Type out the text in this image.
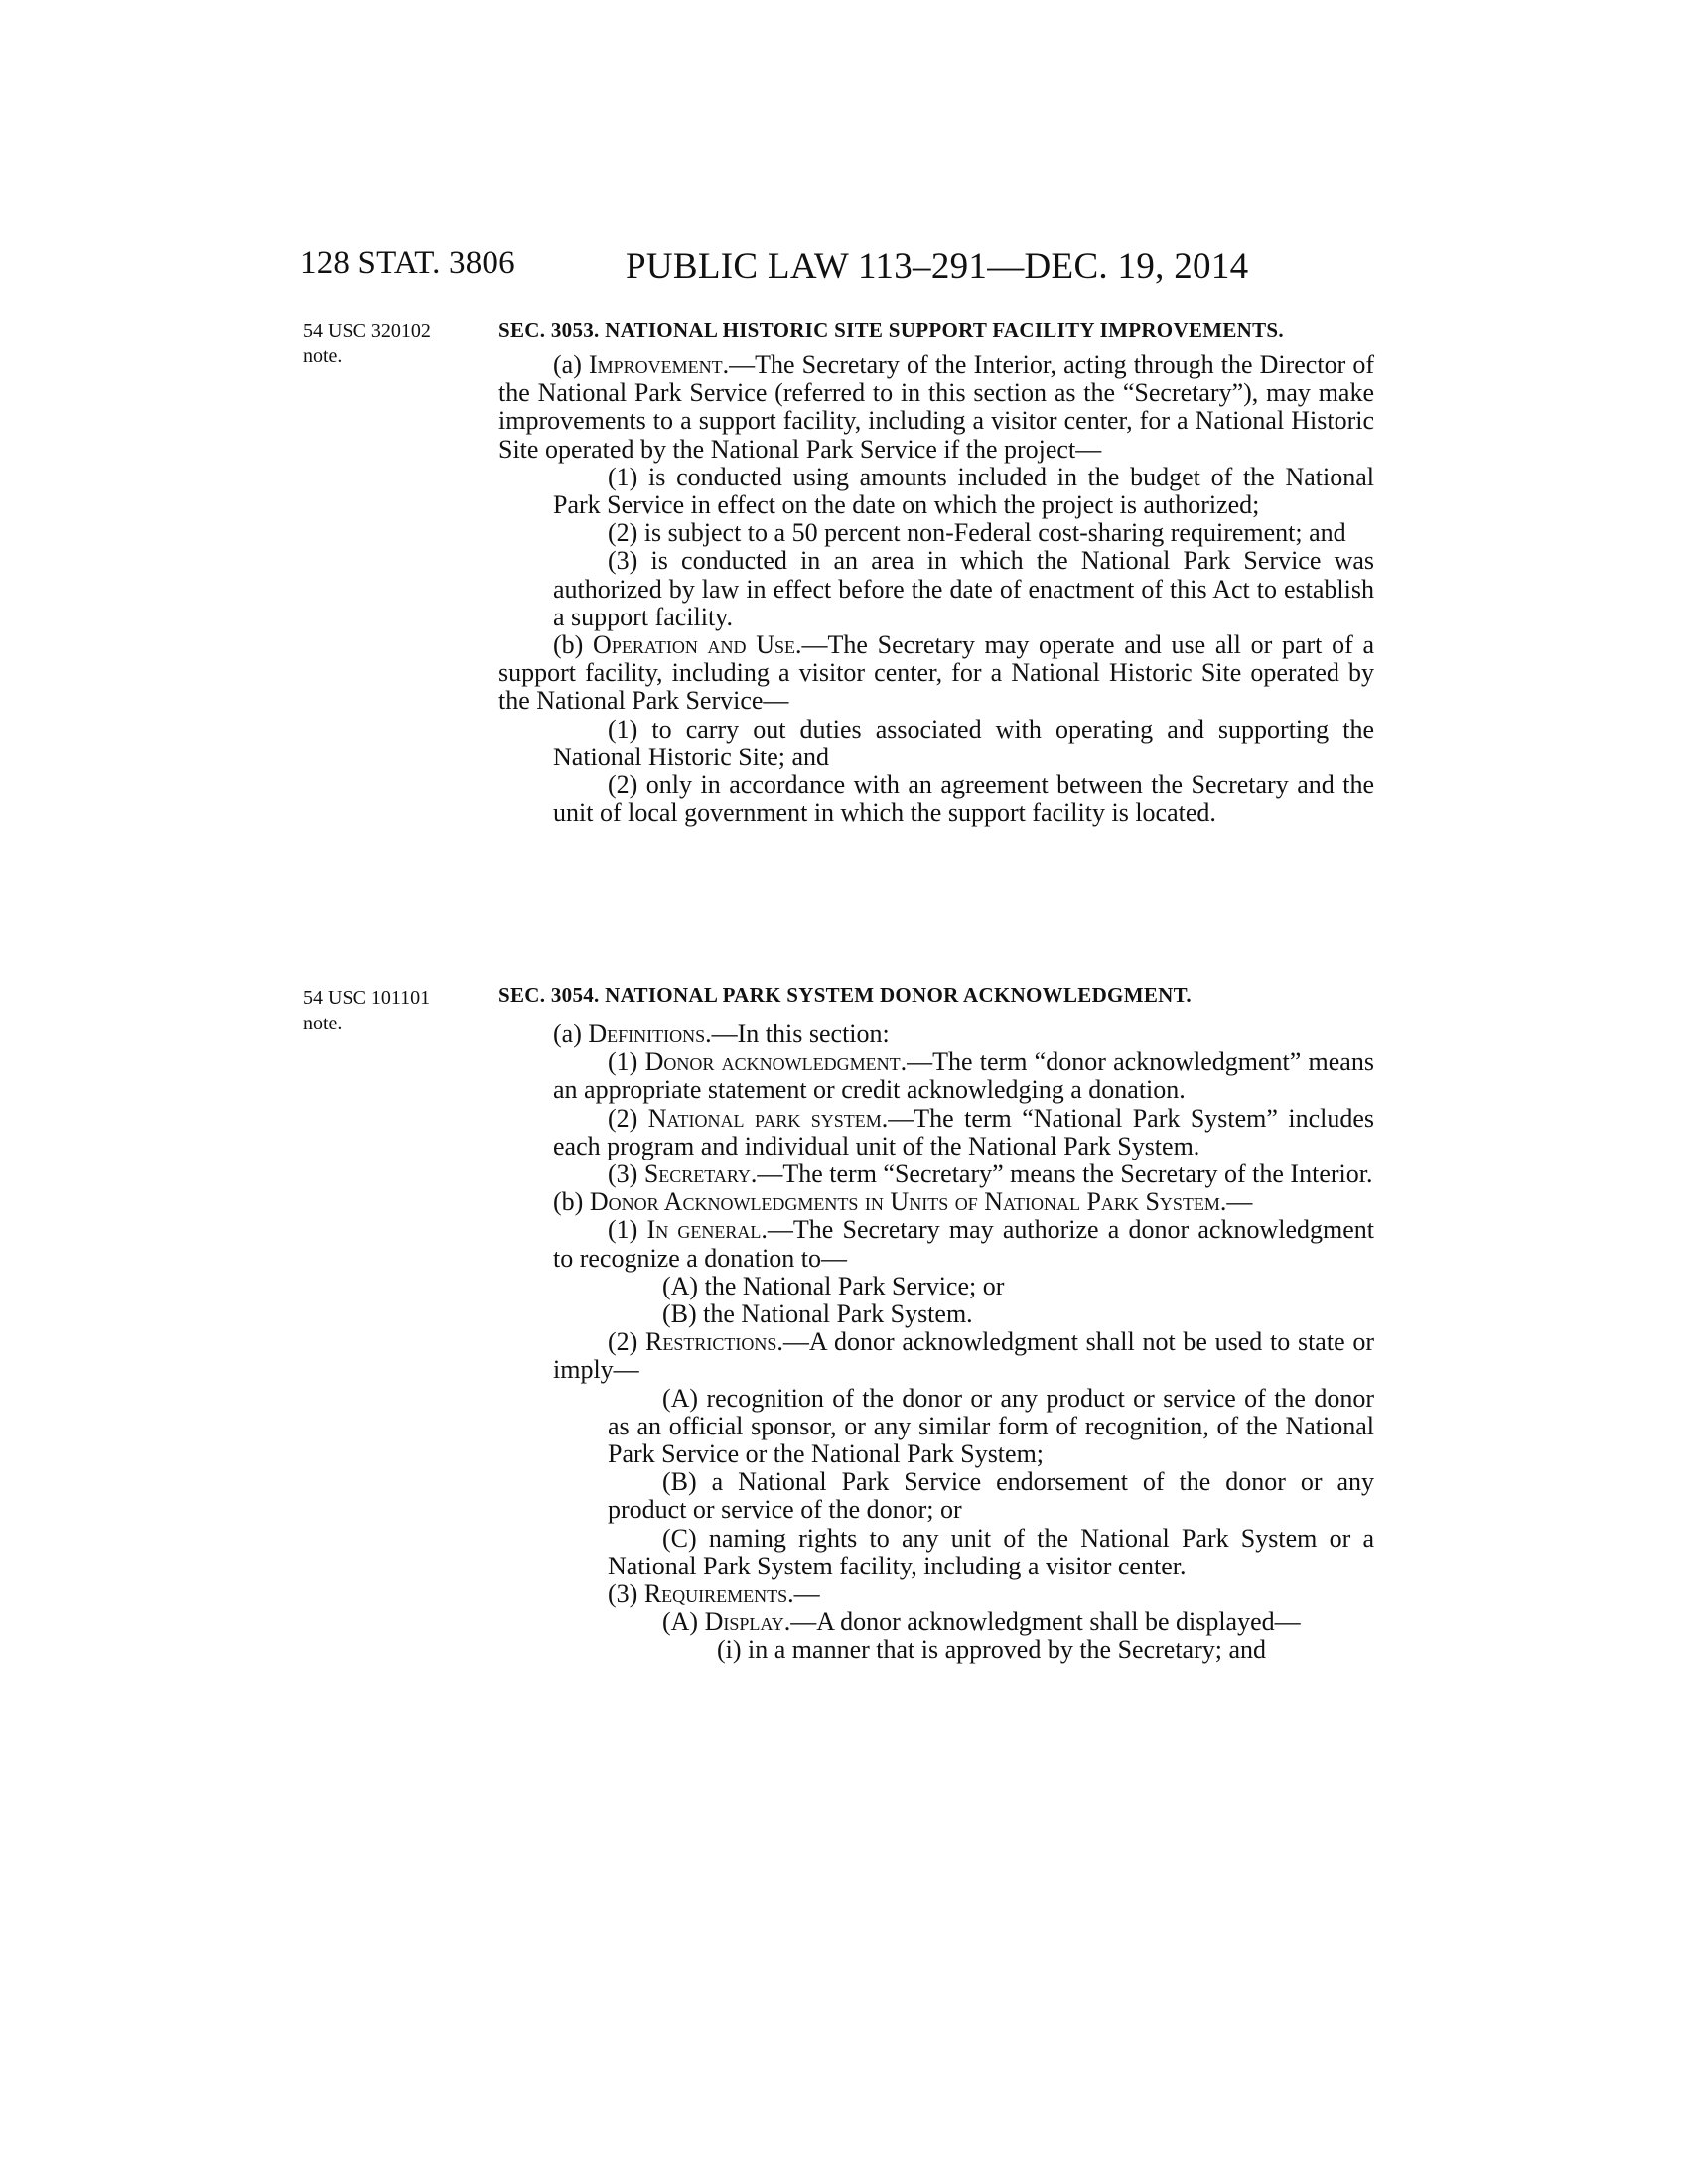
128 STAT. 3806	PUBLIC LAW 113–291—DEC. 19, 2014
54 USC 320102
note.
SEC. 3053. NATIONAL HISTORIC SITE SUPPORT FACILITY IMPROVEMENTS.

(a) Improvement.—The Secretary of the Interior, acting through the Director of the National Park Service (referred to in this section as the “Secretary”), may make improvements to a support facility, including a visitor center, for a National Historic Site operated by the National Park Service if the project—

(1) is conducted using amounts included in the budget of the National Park Service in effect on the date on which the project is authorized;

(2) is subject to a 50 percent non-Federal cost-sharing requirement; and

(3) is conducted in an area in which the National Park Service was authorized by law in effect before the date of enactment of this Act to establish a support facility.

(b) Operation and Use.—The Secretary may operate and use all or part of a support facility, including a visitor center, for a National Historic Site operated by the National Park Service—

(1) to carry out duties associated with operating and supporting the National Historic Site; and

(2) only in accordance with an agreement between the Secretary and the unit of local government in which the support facility is located.

54 USC 101101
note.
SEC. 3054. NATIONAL PARK SYSTEM DONOR ACKNOWLEDGMENT.

(a) Definitions.—In this section:

(1) Donor acknowledgment.—The term “donor acknowledgment” means an appropriate statement or credit acknowledging a donation.

(2) National park system.—The term “National Park System” includes each program and individual unit of the National Park System.

(3) Secretary.—The term “Secretary” means the Secretary of the Interior.

(b) Donor Acknowledgments in Units of National Park System.—

(1) In general.—The Secretary may authorize a donor acknowledgment to recognize a donation to—

(A) the National Park Service; or

(B) the National Park System.

(2) Restrictions.—A donor acknowledgment shall not be used to state or imply—

(A) recognition of the donor or any product or service of the donor as an official sponsor, or any similar form of recognition, of the National Park Service or the National Park System;

(B) a National Park Service endorsement of the donor or any product or service of the donor; or

(C) naming rights to any unit of the National Park System or a National Park System facility, including a visitor center.

(3) Requirements.—

(A) Display.—A donor acknowledgment shall be displayed—

(i) in a manner that is approved by the Secretary; and
